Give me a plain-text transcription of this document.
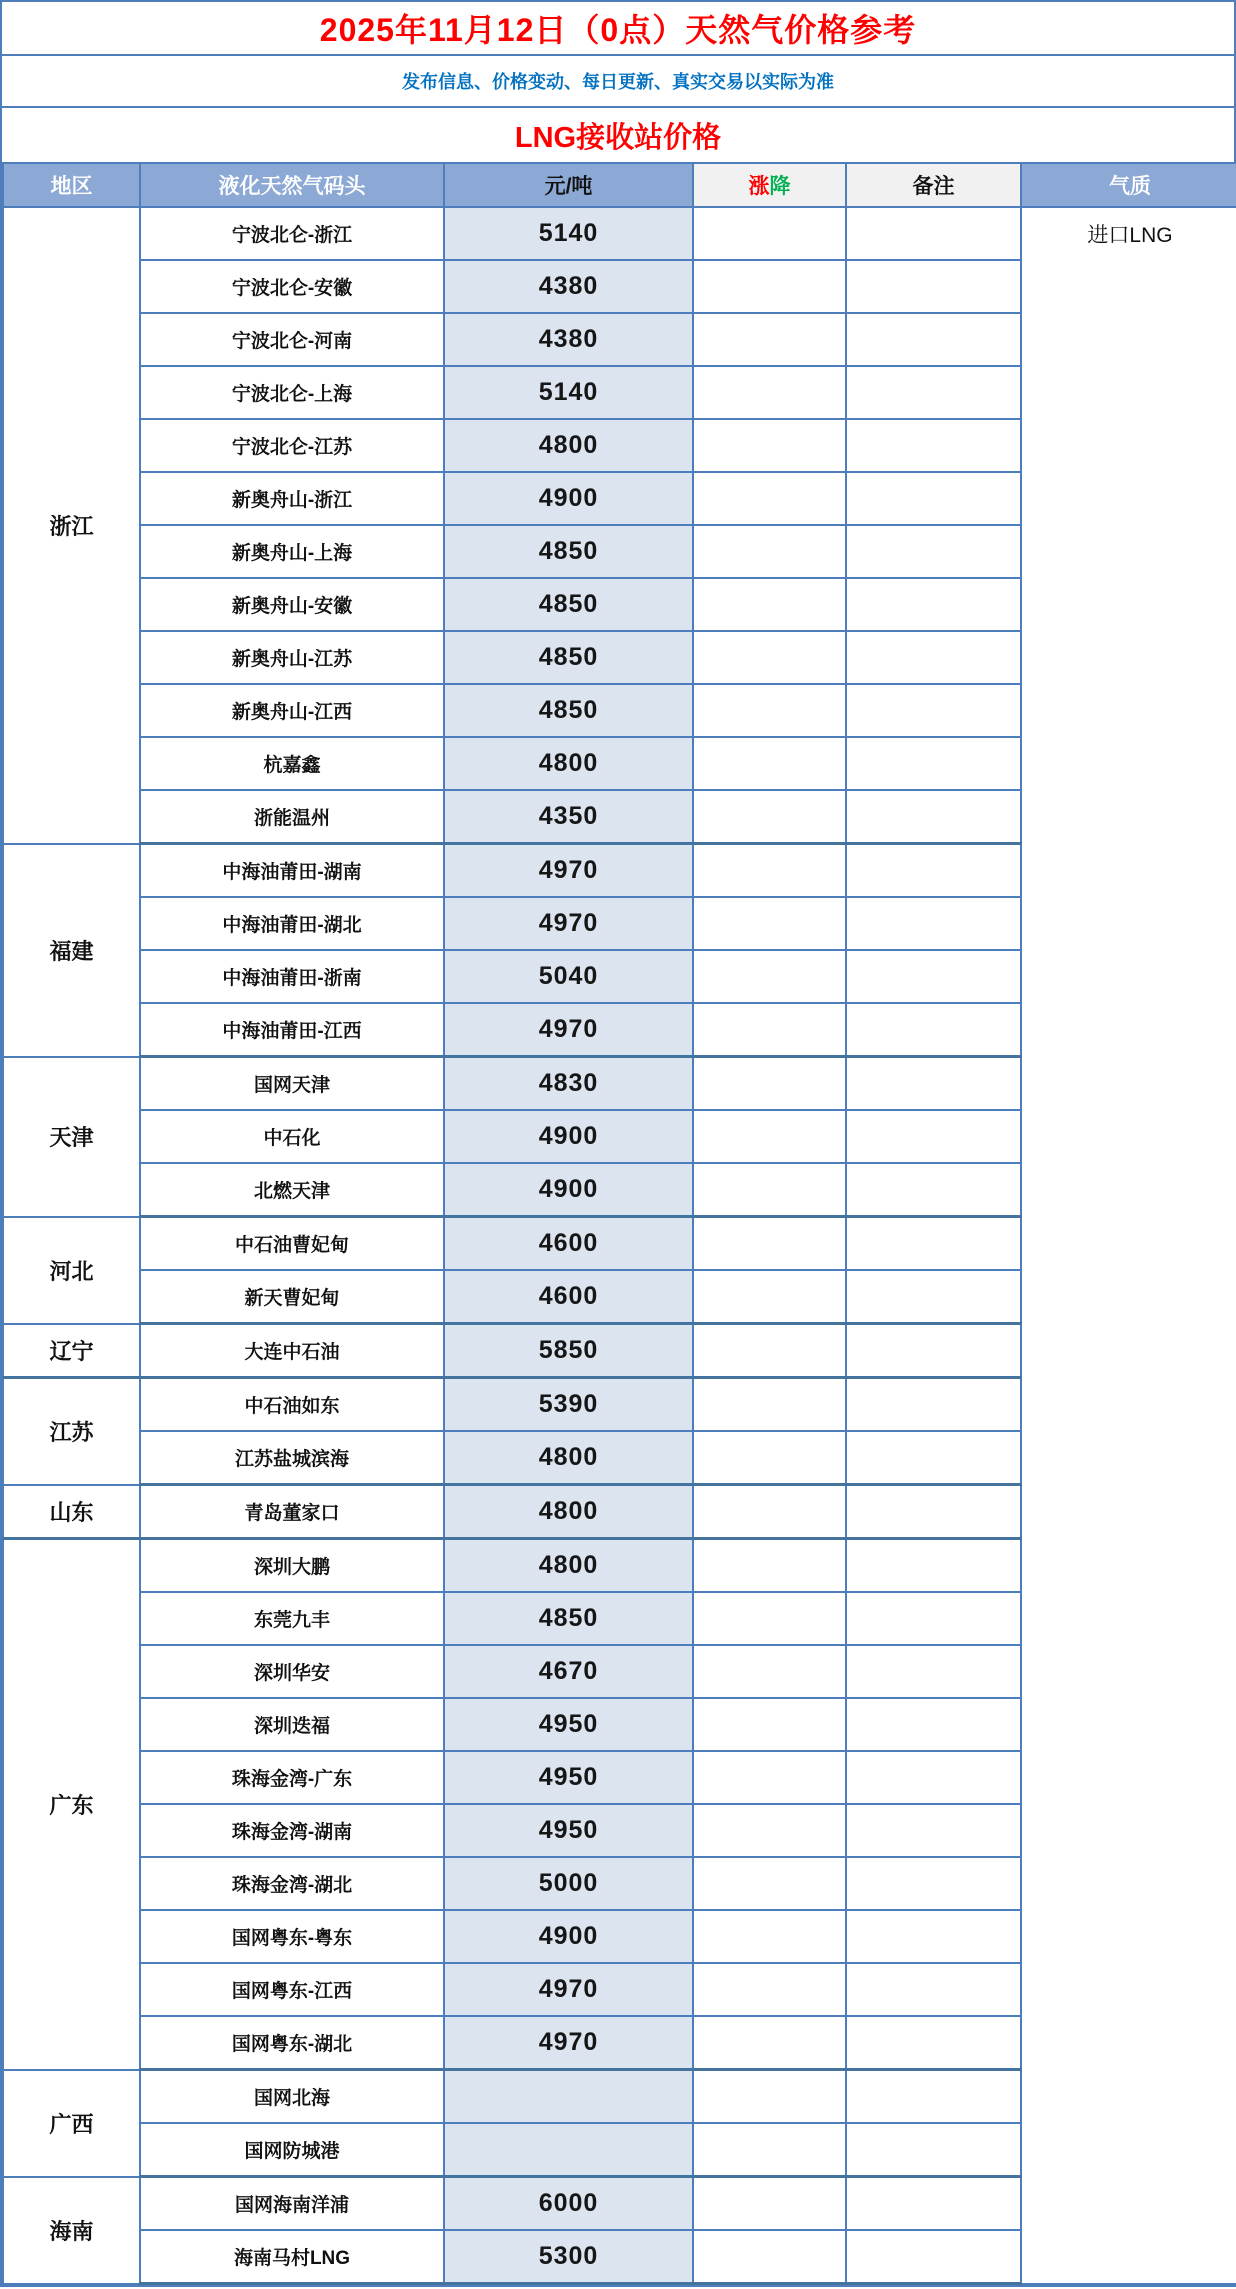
2025年11月12日（0点）天然气价格参考
发布信息、价格变动、每日更新、真实交易以实际为准
LNG接收站价格
地区	液化天然气码头	元/吨	涨降	备注	气质
浙江	宁波北仑-浙江	5140			进口LNG

	宁波北仑-安徽	4380			
	宁波北仑-河南	4380			
	宁波北仑-上海	5140			
	宁波北仑-江苏	4800			
	新奥舟山-浙江	4900			
	新奥舟山-上海	4850			
	新奥舟山-安徽	4850			
	新奥舟山-江苏	4850			
	新奥舟山-江西	4850			
	杭嘉鑫	4800			
	浙能温州	4350			
福建	中海油莆田-湖南	4970			
	中海油莆田-湖北	4970			
	中海油莆田-浙南	5040			
	中海油莆田-江西	4970			
天津	国网天津	4830			
	中石化	4900			
	北燃天津	4900			
河北	中石油曹妃甸	4600			
	新天曹妃甸	4600			
辽宁	大连中石油	5850			
江苏	中石油如东	5390			
	江苏盐城滨海	4800			
山东	青岛董家口	4800			
广东	深圳大鹏	4800			
	东莞九丰	4850			
	深圳华安	4670			
	深圳迭福	4950			
	珠海金湾-广东	4950			
	珠海金湾-湖南	4950			
	珠海金湾-湖北	5000			
	国网粤东-粤东	4900			
	国网粤东-江西	4970			
	国网粤东-湖北	4970			
广西	国网北海				
	国网防城港				
海南	国网海南洋浦	6000			
	海南马村LNG	5300			
